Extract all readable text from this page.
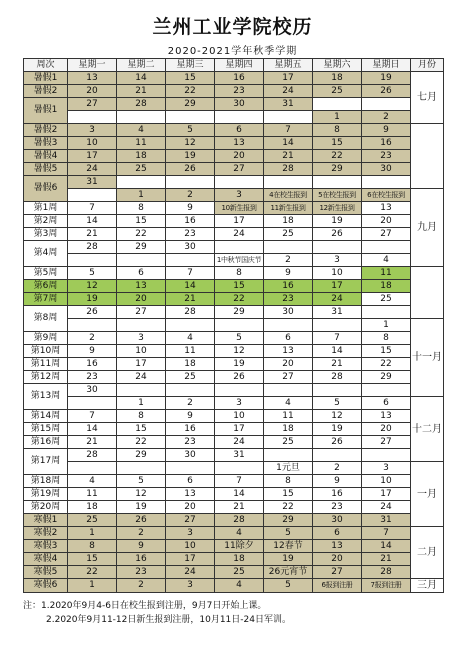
兰州工业学院校历
2020-2021学年秋季学期
周次	星期一	星期二	星期三	星期四	星期五	星期六	星期日	月份	
暑假1	13	14	15	16	17	18	19	七月	
暑假2	20	21	22	23	24	25	26		
暑假1	27	28	29	30	31				
						1	2	
暑假2	3	4	5	6	7	8	9		
暑假3	10	11	12	13	14	15	16		
暑假4	17	18	19	20	21	22	23		
暑假5	24	25	26	27	28	29	30		
暑假6	31								
		1	2	3	4在校生报到	5在校生报到	6在校生报到	九月	
第1周	7	8	9	10新生报到	11新生报到	12新生报到	13		
第2周	14	15	16	17	18	19	20		
第3周	21	22	23	24	25	26	27		
第4周	28	29	30						
				1中秋节国庆节	2	3	4	
第5周	5	6	7	8	9	10	11		
第6周	12	13	14	15	16	17	18		
第7周	19	20	21	22	23	24	25		
第8周	26	27	28	29	30	31			
							1	十一月	
第9周	2	3	4	5	6	7	8		
第10周	9	10	11	12	13	14	15		
第11周	16	17	18	19	20	21	22		
第12周	23	24	25	26	27	28	29		
第13周	30								
		1	2	3	4	5	6	十二月	
第14周	7	8	9	10	11	12	13		
第15周	14	15	16	17	18	19	20		
第16周	21	22	23	24	25	26	27		
第17周	28	29	30	31					
					1元旦	2	3	一月	
第18周	4	5	6	7	8	9	10		
第19周	11	12	13	14	15	16	17		
第20周	18	19	20	21	22	23	24		
寒假1	25	26	27	28	29	30	31		
寒假2	1	2	3	4	5	6	7	二月	
寒假3	8	9	10	11除夕	12春节	13	14		
寒假4	15	16	17	18	19	20	21		
寒假5	22	23	24	25	26元宵节	27	28		
寒假6	1	2	3	4	5	6报到注册	7报到注册	三月	
注：1.2020年9月4-6日在校生报到注册，9月7日开始上课。
2.2020年9月11-12日新生报到注册，10月11日-24日军训。
